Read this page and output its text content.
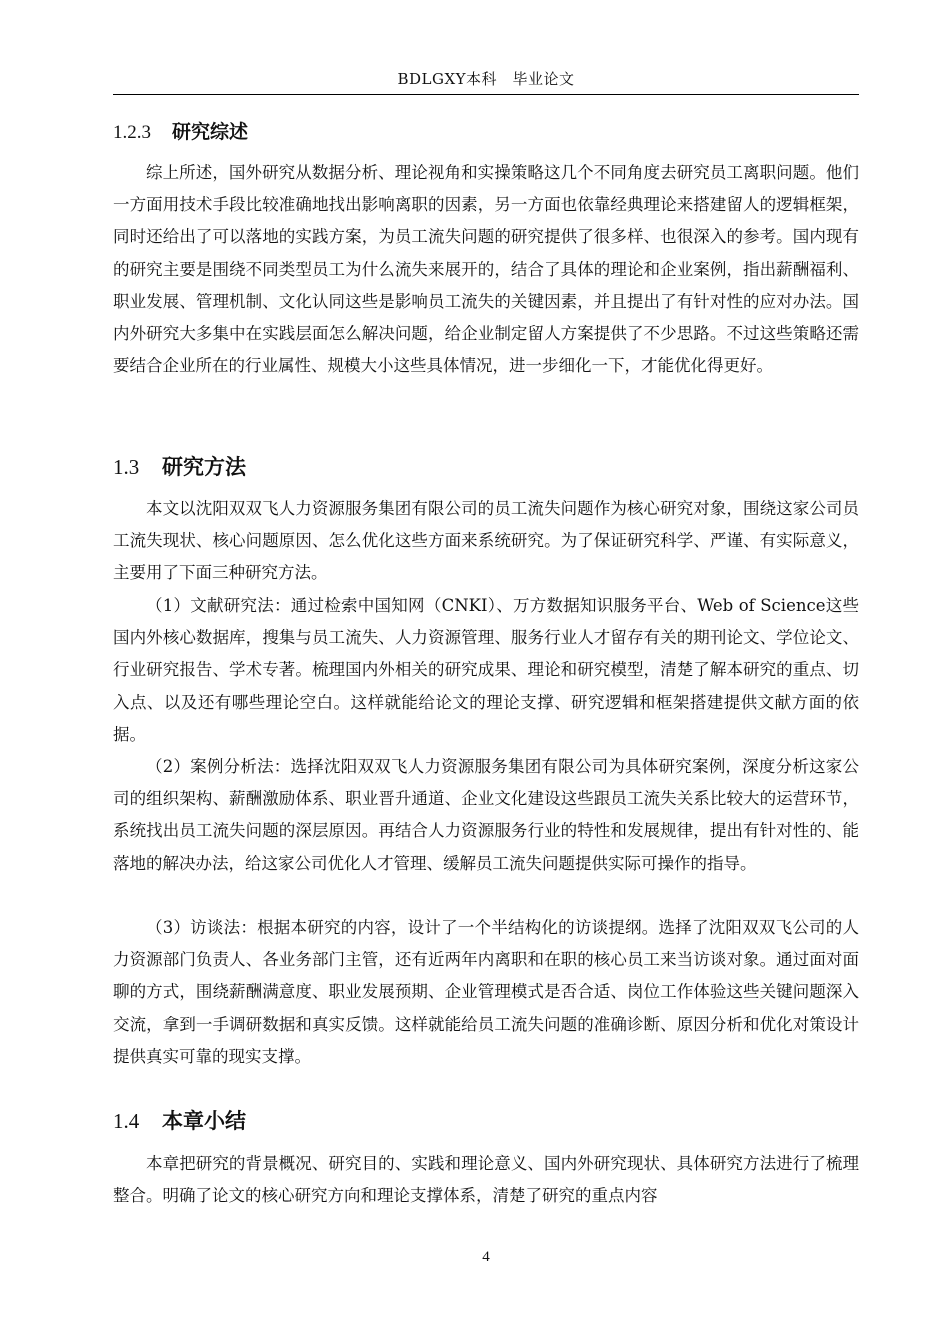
BDLGXY本科　毕业论文
1.2.3 研究综述

综上所述，国外研究从数据分析、理论视角和实操策略这几个不同角度去研究员工离职问题。他们一方面用技术手段比较准确地找出影响离职的因素，另一方面也依靠经典理论来搭建留人的逻辑框架，同时还给出了可以落地的实践方案，为员工流失问题的研究提供了很多样、也很深入的参考。国内现有的研究主要是围绕不同类型员工为什么流失来展开的，结合了具体的理论和企业案例，指出薪酬福利、职业发展、管理机制、文化认同这些是影响员工流失的关键因素，并且提出了有针对性的应对办法。国内外研究大多集中在实践层面怎么解决问题，给企业制定留人方案提供了不少思路。不过这些策略还需要结合企业所在的行业属性、规模大小这些具体情况，进一步细化一下，才能优化得更好。

1.3 研究方法

本文以沈阳双双飞人力资源服务集团有限公司的员工流失问题作为核心研究对象，围绕这家公司员工流失现状、核心问题原因、怎么优化这些方面来系统研究。为了保证研究科学、严谨、有实际意义，主要用了下面三种研究方法。

（1）文献研究法：通过检索中国知网（CNKI）、万方数据知识服务平台、Web of Science这些国内外核心数据库，搜集与员工流失、人力资源管理、服务行业人才留存有关的期刊论文、学位论文、行业研究报告、学术专著。梳理国内外相关的研究成果、理论和研究模型，清楚了解本研究的重点、切入点、以及还有哪些理论空白。这样就能给论文的理论支撑、研究逻辑和框架搭建提供文献方面的依据。

（2）案例分析法：选择沈阳双双飞人力资源服务集团有限公司为具体研究案例，深度分析这家公司的组织架构、薪酬激励体系、职业晋升通道、企业文化建设这些跟员工流失关系比较大的运营环节，系统找出员工流失问题的深层原因。再结合人力资源服务行业的特性和发展规律，提出有针对性的、能落地的解决办法，给这家公司优化人才管理、缓解员工流失问题提供实际可操作的指导。

（3）访谈法：根据本研究的内容，设计了一个半结构化的访谈提纲。选择了沈阳双双飞公司的人力资源部门负责人、各业务部门主管，还有近两年内离职和在职的核心员工来当访谈对象。通过面对面聊的方式，围绕薪酬满意度、职业发展预期、企业管理模式是否合适、岗位工作体验这些关键问题深入交流，拿到一手调研数据和真实反馈。这样就能给员工流失问题的准确诊断、原因分析和优化对策设计提供真实可靠的现实支撑。

1.4 本章小结

本章把研究的背景概况、研究目的、实践和理论意义、国内外研究现状、具体研究方法进行了梳理整合。明确了论文的核心研究方向和理论支撑体系，清楚了研究的重点内容

4
